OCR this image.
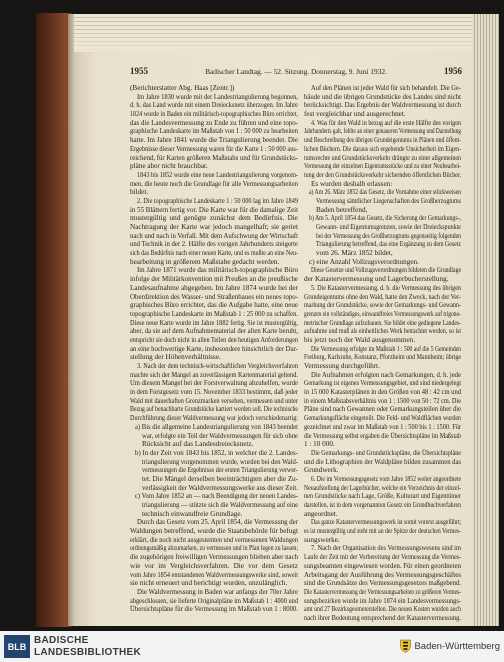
1955	Badischer Landtag. — 52. Sitzung. Donnerstag, 9. Juni 1932.	1956
(Berichterstatter Abg. Haas [Zentr.])
Im Jahre 1830 wurde mit der Landestriangulierung begonnen,
d. h. das Land wurde mit einem Dreiecksnetz überzogen. Im Jahre
1824 wurde in Baden ein militärisch-topographisches Büro errichtet,
das die Landesvermessung zu Ende zu führen und eine topo-
graphische Landeskarte im Maßstab von 1 : 50 000 zu bearbeiten
hatte. Im Jahre 1841 wurde die Triangulierung beendet. Die
Ergebnisse dieser Vermessung waren für die Karte 1 : 50 000 aus-
reichend, für Karten größeren Maßstabs und für Grundstücks-
pläne aber nicht brauchbar.
1843 bis 1852 wurde eine neue Landestriangulierung vorgenom-
men, die heute noch die Grundlage für alle Vermessungsarbeiten
bildet.
2. Die topographische Landeskarte 1 : 50 000 lag im Jahre 1849
in 55 Blättern fertig vor. Die Karte war für die damalige Zeit
mustergültig und genügte zunächst dem Bedürfnis. Die
Nachtragung der Karte war jedoch mangelhaft; sie geriet
nach und nach in Verfall. Mit dem Aufschwung der Wirtschaft
und Technik in der 2. Hälfte des vorigen Jahrhunderts steigerte
sich das Bedürfnis nach einer neuen Karte, und es mußte an eine Neu-
bearbeitung in größerem Maßstabe gedacht werden.
Im Jahre 1871 wurde das militärisch-topographische Büro
infolge der Militärkonvention mit Preußen an die preußische
Landesaufnahme abgegeben. Im Jahre 1874 wurde bei der
Oberdirektion des Wasser- und Straßenbaues ein neues topo-
graphisches Büro errichtet, das die Aufgabe hatte, eine neue
topographische Landeskarte im Maßstab 1 : 25 000 zu schaffen.
Diese neue Karte wurde im Jahre 1882 fertig. Sie ist mustergültig,
aber, da sie auf dem Aufnahmematerial der alten Karte beruht,
entspricht sie doch nicht in allen Teilen den heutigen Anforderungen
an eine hochwertige Karte, insbesondere hinsichtlich der Dar-
stellung der Höhenverhältnisse.
3. Nach der dem technisch-wirtschaftlichen Vergleichsverfahren
machte sich der Mangel an zuverlässigem Kartenmaterial geltend.
Um diesem Mangel bei der Forstverwaltung abzuhelfen, wurde
in dem Forstgesetz vom 15. November 1833 bestimmt, daß jeder
Wald mit dauerhaften Grenzmarken versehen, vermessen und unter
Bezug auf benachbarte Grundstücke kartiert werden soll. Die technische
Durchführung dieser Waldvermessung war jedoch verschiedenartig:
a) Bis die allgemeine Landestriangulierung von 1843 beendet
war, erfolgte ein Teil der Waldvermessungen für sich ohne
Rücksicht auf das Landesdreiecksnetz.
b) In der Zeit von 1843 bis 1852, in welcher die 2. Landes-
triangulierung vorgenommen wurde, wurden bei den Wald-
vermessungen die Ergebnisse der ersten Triangulierung verwer-
tet. Die Mängel derselben beeinträchtigten aber die Zu-
verlässigkeit der Waldvermessungswerke aus dieser Zeit.
c) Vom Jahre 1852 an — nach Beendigung der neuen Landes-
triangulierung — stützte sich die Waldvermessung auf eine
technisch einwandfreie Grundlage.
Durch das Gesetz vom 25. April 1854, die Vermessung der
Waldungen betreffend, wurde die Staatsbehörde für befugt
erklärt, die noch nicht ausgesteinten und vermessenen Waldungen
ordnungsmäßig abzumarken, zu vermessen und in Plan legen zu lassen;
die zugehörigen freiwilligen Vermessungen blieben aber nach
wie vor im Vergleichsverfahren. Die vor dem Gesetz
vom Jahre 1854 entstandenen Waldvermessungswerke sind, soweit
sie nicht erneuert und berichtigt wurden, unzulänglich.
Die Waldvermessung in Baden war anfangs der 70er Jahre
abgeschlossen, sie lieferte Originalpläne im Maßstab 1 : 4000 und
Übersichtspläne für die Vermessung im Maßstab von 1 : 8000.
Auf den Plänen ist jeder Wald für sich behandelt. Die Ge-
bäude und die übrigen Grundstücke des Landes sind nicht
berücksichtigt. Das Ergebnis der Waldvermessung ist durch
fest vergleichbar und ausgerechnet.
4. Was für den Wald in bezug auf die erste Hälfte des vorigen
Jahrhunderts galt, fehlte an einer genaueren Vermessung und Darstellung
und Beschreibung des übrigen Grundeigentums in Plänen und öffent-
lichen Büchern. Die daraus sich ergebende Unsicherheit im Eigen-
tumsrechte und Grundstücksverkehr drängte zu einer allgemeinen
Vermessung der einzelnen Eigentumsstücke und zu einer Neubearbei-
tung der den Grundstücksverkehr sichernden öffentlichen Bücher.
Es wurden deshalb erlassen:
a) Am 26. März 1852 das Gesetz, die Vornahme einer stückweisen
Vermessung sämtlicher Liegenschaften des Großherzogtums
Baden betreffend,
b) Am 5. April 1854 das Gesetz, die Sicherung der Gemarkungs-,
Gewann- und Eigentumsgrenzen, sowie der Dreieckspunkte
bei der Vermessung des Großherzogtums gegenseitig folgenden
Triangulierung betreffend, das eine Ergänzung zu dem Gesetz
vom 26. März 1852 bildet,
c) eine Anzahl Vollzugsverordnungen.
Diese Gesetze und Vollzugsverordnungen bildeten die Grundlage
der Katastervermessung und Lagerbucherstellung.
5. Die Katastervermessung, d. h. die Vermessung des übrigen
Grundeigentums ohne den Wald, hatte den Zweck, nach der Ver-
markung der Grundstücke, sowie der Gemarkungs- und Gewann-
grenzen ein vollständiges, einwandfreies Vermessungswerk auf trigono-
metrischer Grundlage aufzubauen. Sie bildet eine gediegene Landes-
aufnahme und muß als einheitliches Werk betrachtet werden, so ist
bis jetzt noch der Wald ausgenommen.
Die Vermessung erfolgte im Maßstab 1 : 500 auf die 5 Gemeinden
Freiburg, Karlsruhe, Konstanz, Pforzheim und Mannheim; übrige
Vermessung durchgeführt.
Die Aufnahmen erfolgten nach Gemarkungen, d. h. jede
Gemarkung ist eigenes Vermessungsgebiet, und sind niedergelegt
in 15 000 Katasterplänen in den Größen von 48 : 42 cm und
in einem Maßstabsverhältnis von 1 : 1500 von 50 : 72 cm. Die
Pläne sind nach Gewannen oder Gemarkungsteilen über die
Gemarkungsfläche eingeteilt. Die Feld- und Waldflächen wurden
gezeichnet und zwar im Maßstab von 1 : 500 bis 1 : 1500. Für
die Vermessung selbst ergaben die Übersichtspläne im Maßstab
1 : 10 000.
Die Gemarkungs- und Grundstückspläne, die Übersichtspläne
und die Lithographien der Waldpläne bilden zusammen das
Grundwerk.
6. Die im Vermessungsgesetz vom Jahre 1852 weiter angeordnete
Neuaufstellung der Lagerbücher, welche ein Verzeichnis der einzel-
nen Grundstücke nach Lage, Größe, Kulturart und Eigentümer
darstellen, ist in dem vorgenannten Gesetz ein Grundbuchverfahren
angeordnet.
Das ganze Katastervermessungswerk ist somit vorerst ausgeführt;
es ist mustergültig und steht mit an der Spitze der deutschen Vermes-
sungswerke.
7. Nach der Organisation des Vermessungswesens sind im
Laufe der Zeit mit der Vorbereitung der Vermessung die Vermes-
sungsbeamten eingewiesen worden. Für einen geordneten
Arbeitsgang der Ausführung des Vermessungsgeschäftes
sind die Grundsätze des Vermessungsgesetzes maßgebend.
Die Katastervermessung der Vermessungsarbeiten zu größeren Vermes-
sungsbezirken wurde im Jahre 1874 ein Landesvermessungs-
amt und 27 Bezirksgeometerstellen. Die neuen Kosten wurden auch
nach ihrer Bedeutung entsprechend der Katastervermessung.
BLB
BADISCHE
LANDESBIBLIOTHEK
Baden-Württemberg
